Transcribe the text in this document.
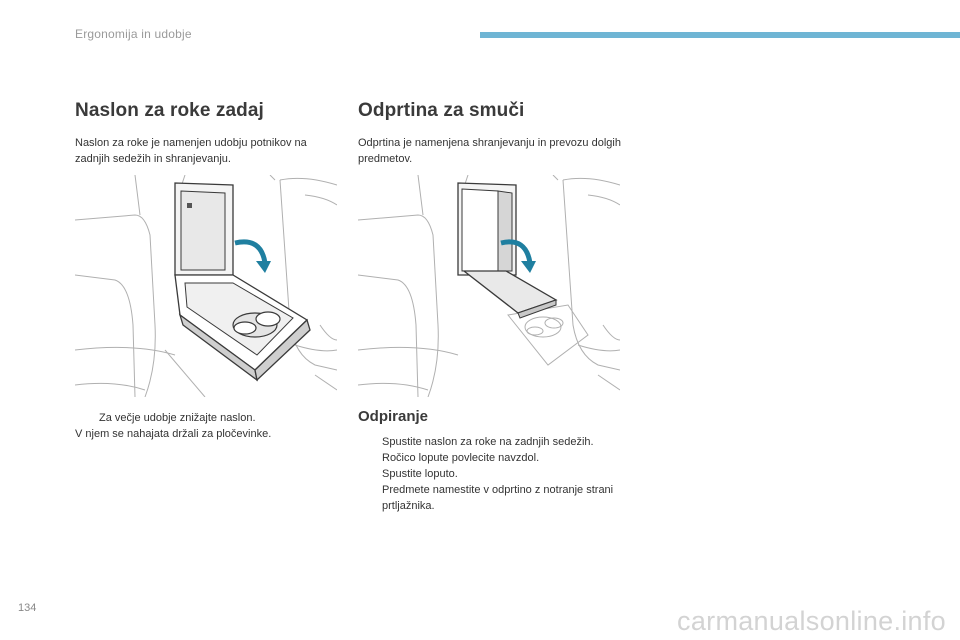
Ergonomija in udobje
Naslon za roke zadaj

Naslon za roke je namenjen udobju potnikov na zadnjih sedežih in shranjevanju.

Za večje udobje znižajte naslon.
V njem se nahajata držali za pločevinke.
Odprtina za smuči

Odprtina je namenjena shranjevanju in prevozu dolgih predmetov.

Odpiranje
Spustite naslon za roke na zadnjih sedežih.
Ročico lopute povlecite navzdol.
Spustite loputo.
Predmete namestite v odprtino z notranje strani prtljažnika.
134	carmanualsonline.info
